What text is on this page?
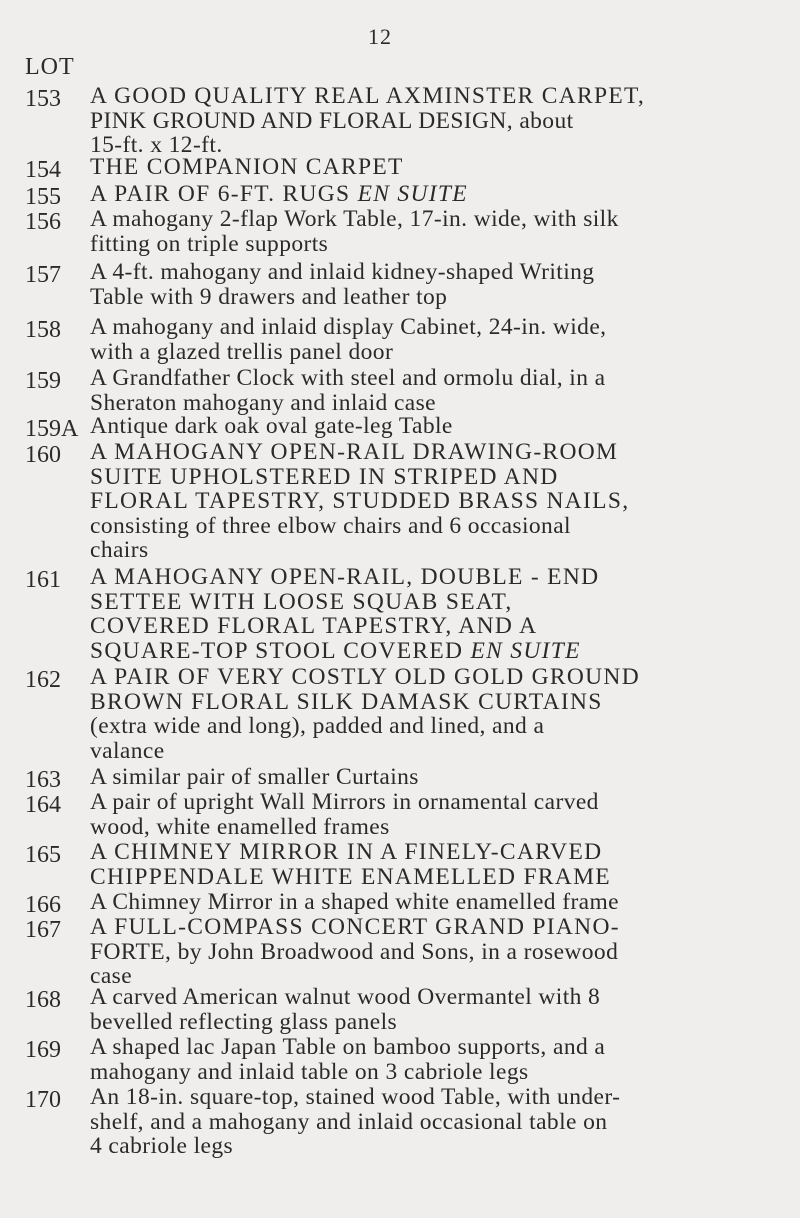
12
LOT
153	A GOOD QUALITY REAL AXMINSTER CARPET,
PINK GROUND AND FLORAL DESIGN, about
15-ft. x 12-ft.
154	THE COMPANION CARPET
155	A PAIR OF 6-FT. RUGS EN SUITE
156	A mahogany 2-flap Work Table, 17-in. wide, with silk
fitting on triple supports
157	A 4-ft. mahogany and inlaid kidney-shaped Writing
Table with 9 drawers and leather top
158	A mahogany and inlaid display Cabinet, 24-in. wide,
with a glazed trellis panel door
159	A Grandfather Clock with steel and ormolu dial, in a
Sheraton mahogany and inlaid case
159A Antique dark oak oval gate-leg Table
160	A MAHOGANY OPEN-RAIL DRAWING-ROOM
SUITE UPHOLSTERED IN STRIPED AND
FLORAL TAPESTRY, STUDDED BRASS NAILS,
consisting of three elbow chairs and 6 occasional
chairs
161	A MAHOGANY OPEN-RAIL, DOUBLE - END
SETTEE WITH LOOSE SQUAB SEAT,
COVERED FLORAL TAPESTRY, AND A
SQUARE-TOP STOOL COVERED EN SUITE
162	A PAIR OF VERY COSTLY OLD GOLD GROUND
BROWN FLORAL SILK DAMASK CURTAINS
(extra wide and long), padded and lined, and a
valance
163	A similar pair of smaller Curtains
164	A pair of upright Wall Mirrors in ornamental carved
wood, white enamelled frames
165	A CHIMNEY MIRROR IN A FINELY-CARVED
CHIPPENDALE WHITE ENAMELLED FRAME
166	A Chimney Mirror in a shaped white enamelled frame
167	A FULL-COMPASS CONCERT GRAND PIANO-
FORTE, by John Broadwood and Sons, in a rosewood
case
168	A carved American walnut wood Overmantel with 8
bevelled reflecting glass panels
169	A shaped lac Japan Table on bamboo supports, and a
mahogany and inlaid table on 3 cabriole legs
170	An 18-in. square-top, stained wood Table, with under-
shelf, and a mahogany and inlaid occasional table on
4 cabriole legs
